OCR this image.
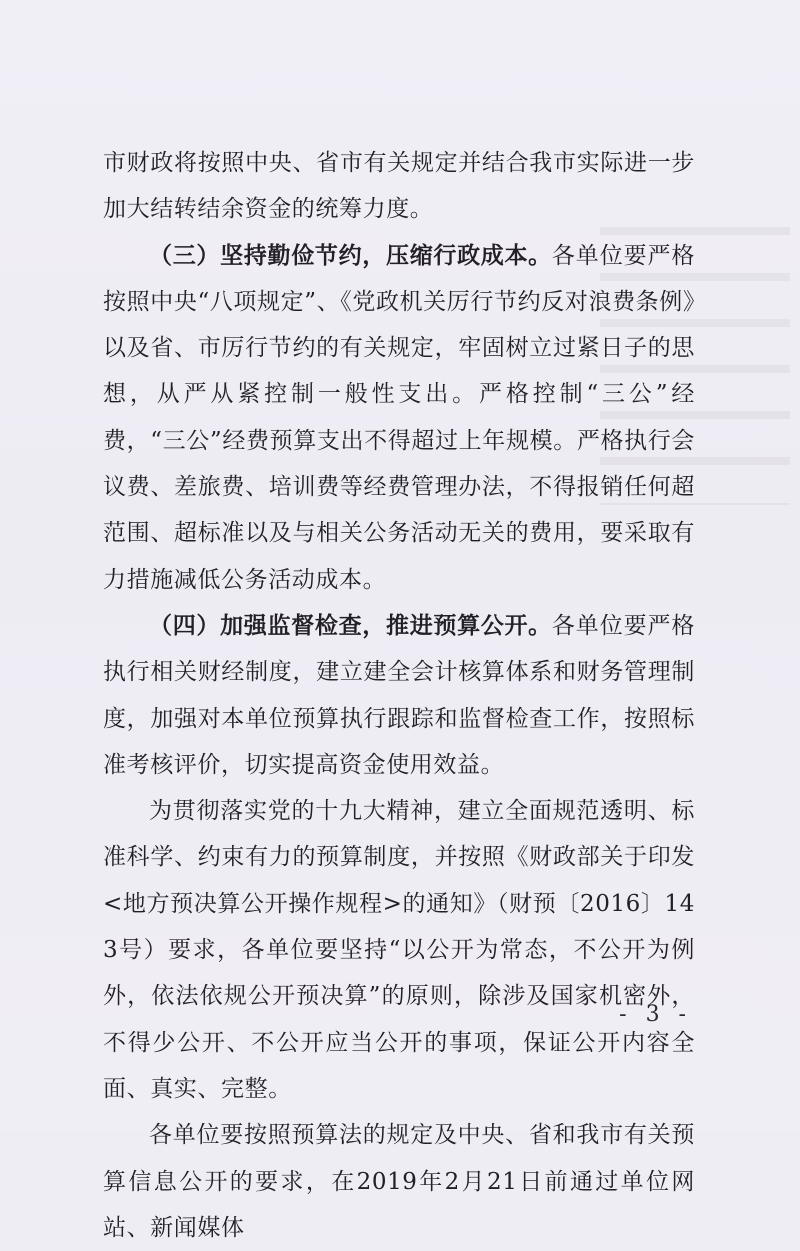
市财政将按照中央、省市有关规定并结合我市实际进一步加大结转结余资金的统筹力度。

（三）坚持勤俭节约，压缩行政成本。各单位要严格按照中央“八项规定”、《党政机关厉行节约反对浪费条例》以及省、市厉行节约的有关规定，牢固树立过紧日子的思想，从严从紧控制一般性支出。严格控制“三公”经费，“三公”经费预算支出不得超过上年规模。严格执行会议费、差旅费、培训费等经费管理办法，不得报销任何超范围、超标准以及与相关公务活动无关的费用，要采取有力措施减低公务活动成本。

（四）加强监督检查，推进预算公开。各单位要严格执行相关财经制度，建立建全会计核算体系和财务管理制度，加强对本单位预算执行跟踪和监督检查工作，按照标准考核评价，切实提高资金使用效益。

为贯彻落实党的十九大精神，建立全面规范透明、标准科学、约束有力的预算制度，并按照《财政部关于印发<地方预决算公开操作规程>的通知》（财预〔2016〕143号）要求，各单位要坚持“以公开为常态，不公开为例外，依法依规公开预决算”的原则，除涉及国家机密外，不得少公开、不公开应当公开的事项，保证公开内容全面、真实、完整。

各单位要按照预算法的规定及中央、省和我市有关预算信息公开的要求，在2019年2月21日前通过单位网站、新闻媒体

- 3 -
